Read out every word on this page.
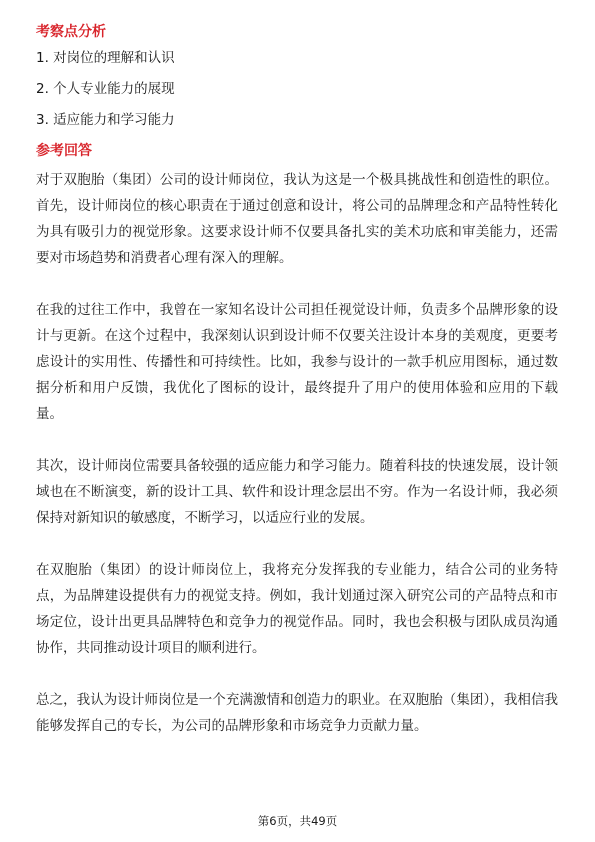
考察点分析
1. 对岗位的理解和认识
2. 个人专业能力的展现
3. 适应能力和学习能力
参考回答

对于双胞胎（集团）公司的设计师岗位，我认为这是一个极具挑战性和创造性的职位。首先，设计师岗位的核心职责在于通过创意和设计，将公司的品牌理念和产品特性转化为具有吸引力的视觉形象。这要求设计师不仅要具备扎实的美术功底和审美能力，还需要对市场趋势和消费者心理有深入的理解。

在我的过往工作中，我曾在一家知名设计公司担任视觉设计师，负责多个品牌形象的设计与更新。在这个过程中，我深刻认识到设计师不仅要关注设计本身的美观度，更要考虑设计的实用性、传播性和可持续性。比如，我参与设计的一款手机应用图标，通过数据分析和用户反馈，我优化了图标的设计，最终提升了用户的使用体验和应用的下载量。

其次，设计师岗位需要具备较强的适应能力和学习能力。随着科技的快速发展，设计领域也在不断演变，新的设计工具、软件和设计理念层出不穷。作为一名设计师，我必须保持对新知识的敏感度，不断学习，以适应行业的发展。

在双胞胎（集团）的设计师岗位上，我将充分发挥我的专业能力，结合公司的业务特点，为品牌建设提供有力的视觉支持。例如，我计划通过深入研究公司的产品特点和市场定位，设计出更具品牌特色和竞争力的视觉作品。同时，我也会积极与团队成员沟通协作，共同推动设计项目的顺利进行。

总之，我认为设计师岗位是一个充满激情和创造力的职业。在双胞胎（集团），我相信我能够发挥自己的专长，为公司的品牌形象和市场竞争力贡献力量。

第6页，共49页
